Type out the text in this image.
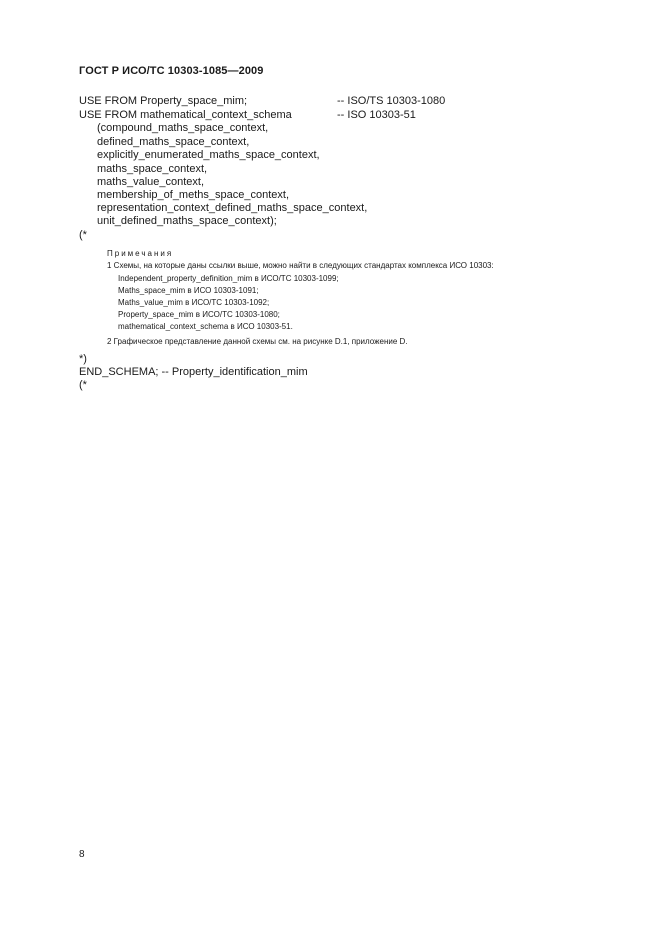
ГОСТ Р ИСО/ТС 10303-1085—2009
USE FROM Property_space_mim;	-- ISO/TS 10303-1080
USE FROM mathematical_context_schema	-- ISO 10303-51
(compound_maths_space_context,
defined_maths_space_context,
explicitly_enumerated_maths_space_context,
maths_space_context,
maths_value_context,
membership_of_meths_space_context,
representation_context_defined_maths_space_context,
unit_defined_maths_space_context);
(*
Примечания
1 Схемы, на которые даны ссылки выше, можно найти в следующих стандартах комплекса ИСО 10303:
Independent_property_definition_mim в ИСО/ТС 10303-1099;
Maths_space_mim в ИСО 10303-1091;
Maths_value_mim в ИСО/ТС 10303-1092;
Property_space_mim в ИСО/ТС 10303-1080;
mathematical_context_schema в ИСО 10303-51.
2 Графическое представление данной схемы см. на рисунке D.1, приложение D.
*)
END_SCHEMA; -- Property_identification_mim
(*
8
